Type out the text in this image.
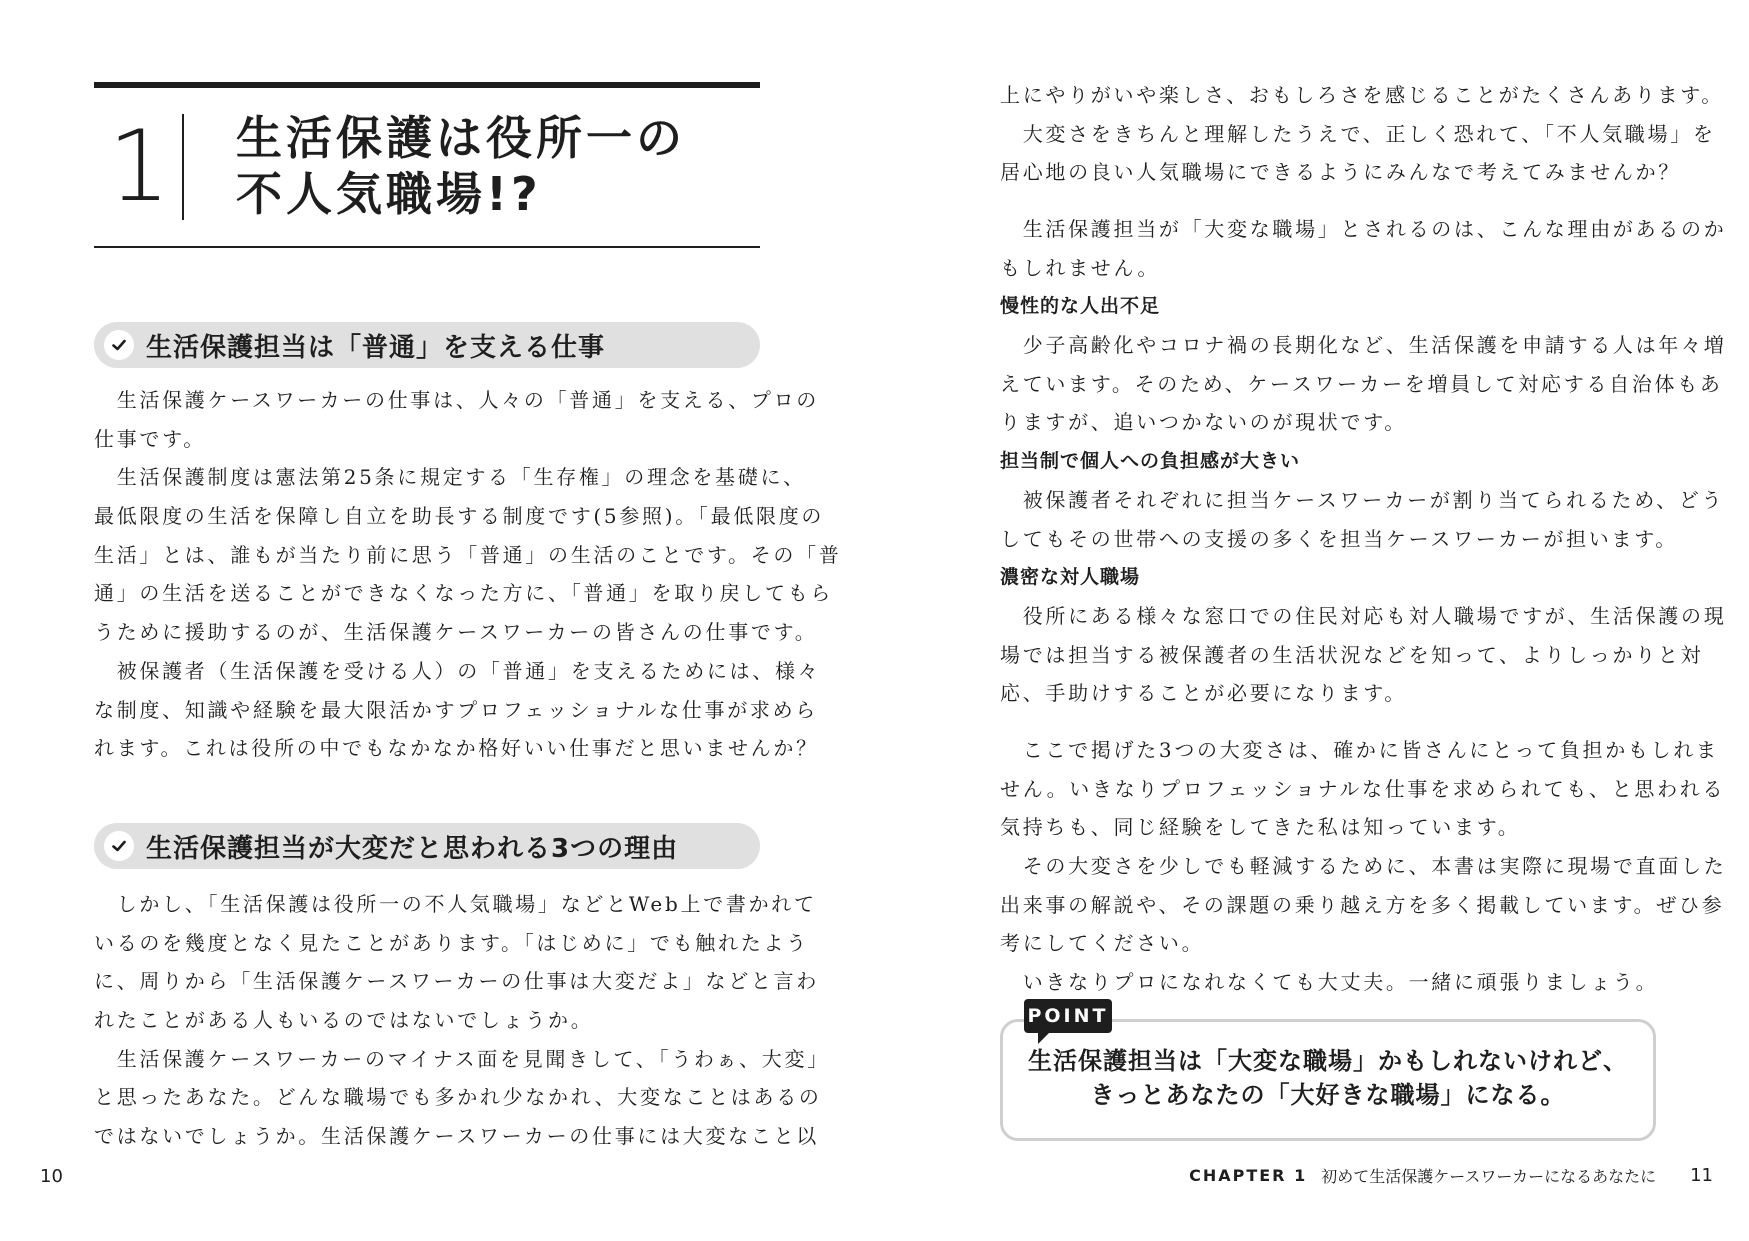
1 生活保護は役所一の
不人気職場!?
生活保護担当は「普通」を支える仕事
　生活保護ケースワーカーの仕事は、人々の「普通」を支える、プロの
仕事です。
　生活保護制度は憲法第25条に規定する「生存権」の理念を基礎に、
最低限度の生活を保障し自立を助長する制度です(5参照)。「最低限度の
生活」とは、誰もが当たり前に思う「普通」の生活のことです。その「普
通」の生活を送ることができなくなった方に、「普通」を取り戻してもら
うために援助するのが、生活保護ケースワーカーの皆さんの仕事です。
　被保護者（生活保護を受ける人）の「普通」を支えるためには、様々
な制度、知識や経験を最大限活かすプロフェッショナルな仕事が求めら
れます。これは役所の中でもなかなか格好いい仕事だと思いませんか？
生活保護担当が大変だと思われる3つの理由
　しかし、「生活保護は役所一の不人気職場」などとWeb上で書かれて
いるのを幾度となく見たことがあります。「はじめに」でも触れたよう
に、周りから「生活保護ケースワーカーの仕事は大変だよ」などと言わ
れたことがある人もいるのではないでしょうか。
　生活保護ケースワーカーのマイナス面を見聞きして、「うわぁ、大変」
と思ったあなた。どんな職場でも多かれ少なかれ、大変なことはあるの
ではないでしょうか。生活保護ケースワーカーの仕事には大変なこと以
上にやりがいや楽しさ、おもしろさを感じることがたくさんあります。
　大変さをきちんと理解したうえで、正しく恐れて、「不人気職場」を
居心地の良い人気職場にできるようにみんなで考えてみませんか？
　生活保護担当が「大変な職場」とされるのは、こんな理由があるのか
もしれません。
慢性的な人出不足
　少子高齢化やコロナ禍の長期化など、生活保護を申請する人は年々増
えています。そのため、ケースワーカーを増員して対応する自治体もあ
りますが、追いつかないのが現状です。
担当制で個人への負担感が大きい
　被保護者それぞれに担当ケースワーカーが割り当てられるため、どう
してもその世帯への支援の多くを担当ケースワーカーが担います。
濃密な対人職場
　役所にある様々な窓口での住民対応も対人職場ですが、生活保護の現
場では担当する被保護者の生活状況などを知って、よりしっかりと対
応、手助けすることが必要になります。
　ここで掲げた3つの大変さは、確かに皆さんにとって負担かもしれま
せん。いきなりプロフェッショナルな仕事を求められても、と思われる
気持ちも、同じ経験をしてきた私は知っています。
　その大変さを少しでも軽減するために、本書は実際に現場で直面した
出来事の解説や、その課題の乗り越え方を多く掲載しています。ぜひ参
考にしてください。
　いきなりプロになれなくても大丈夫。一緒に頑張りましょう。
POINT
生活保護担当は「大変な職場」かもしれないけれど、
きっとあなたの「大好きな職場」になる。
10	CHAPTER 1 初めて生活保護ケースワーカーになるあなたに 11
